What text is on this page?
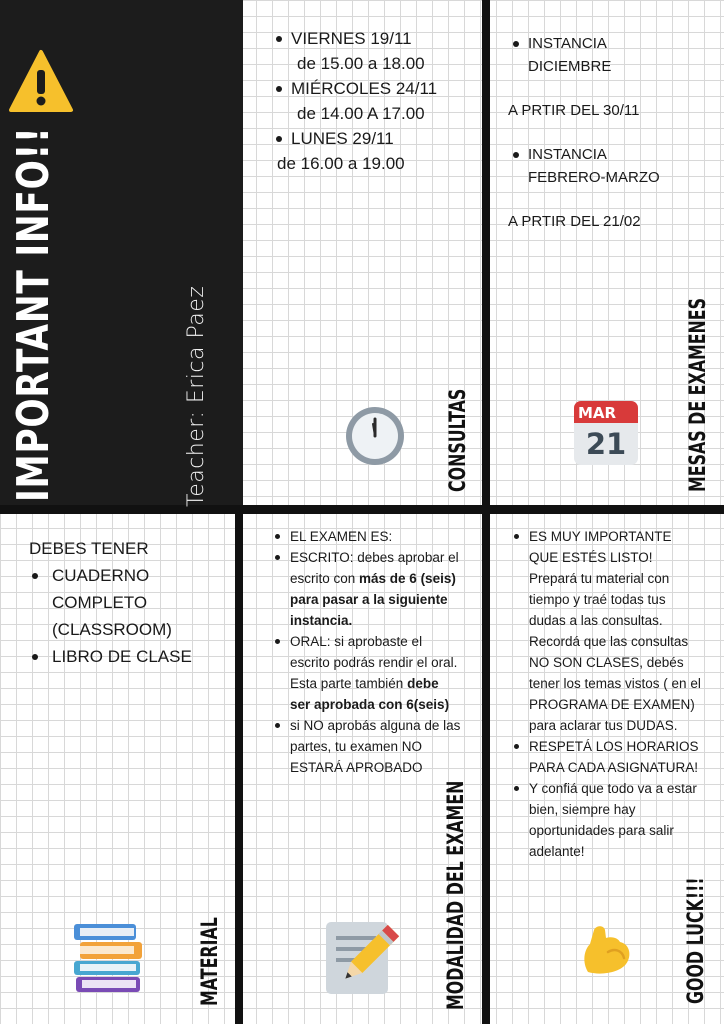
IMPORTANT INFO!!	Teacher: Erica Paez
VIERNES 19/11
de 15.00 a 18.00
MIÉRCOLES 24/11
de 14.00 A 17.00
LUNES 29/11
de 16.00 a 19.00
CONSULTAS
INSTANCIA DICIEMBRE
A PRTIR DEL 30/11
INSTANCIA FEBRERO-MARZO
A PRTIR DEL 21/02
MAR
21	MESAS DE EXAMENES
DEBES TENER
CUADERNO COMPLETO (CLASSROOM)
LIBRO DE CLASE
MATERIAL
EL EXAMEN ES:
ESCRITO: debes aprobar el escrito con más de 6 (seis) para pasar a la siguiente instancia.
ORAL: si aprobaste el escrito podrás rendir el oral. Esta parte también debe ser aprobada con 6(seis)
si NO aprobás alguna de las partes, tu examen NO ESTARÁ APROBADO
MODALIDAD DEL EXAMEN
ES MUY IMPORTANTE QUE ESTÉS LISTO! Prepará tu material con tiempo y traé todas tus dudas a las consultas. Recordá que las consultas NO SON CLASES, debés tener los temas vistos ( en el PROGRAMA DE EXAMEN) para aclarar tus DUDAS.
RESPETÁ LOS HORARIOS PARA CADA ASIGNATURA!
Y confiá que todo va a estar bien, siempre hay oportunidades para salir adelante!
GOOD LUCK!!!
